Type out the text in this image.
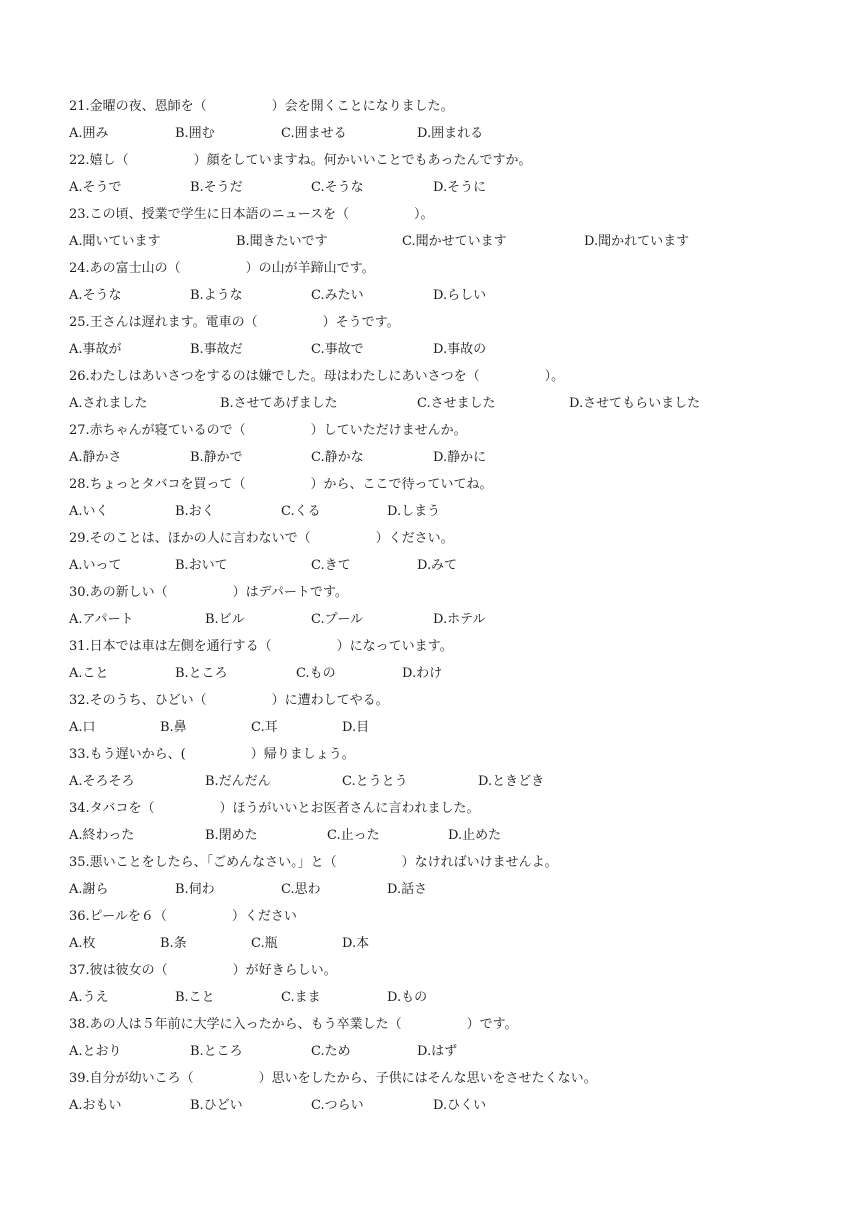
21.金曜の夜、恩師を（　　　　　）会を開くことになりました。
A.囲み	B.囲む	C.囲ませる	D.囲まれる
22.嬉し（　　　　　）顔をしていますね。何かいいことでもあったんですか。
A.そうで	B.そうだ	C.そうな	D.そうに
23.この頃、授業で学生に日本語のニュースを（　　　　　）。
A.聞いています	B.聞きたいです	C.聞かせています	D.聞かれています
24.あの富士山の（　　　　　）の山が羊蹄山です。
A.そうな	B.ような	C.みたい	D.らしい
25.王さんは遅れます。電車の（　　　　　）そうです。
A.事故が	B.事故だ	C.事故で	D.事故の
26.わたしはあいさつをするのは嫌でした。母はわたしにあいさつを（　　　　　）。
A.されました	B.させてあげました	C.させました	D.させてもらいました
27.赤ちゃんが寝ているので（　　　　　）していただけませんか。
A.静かさ	B.静かで	C.静かな	D.静かに
28.ちょっとタバコを買って（　　　　　）から、ここで待っていてね。
A.いく	B.おく	C.くる	D.しまう
29.そのことは、ほかの人に言わないで（　　　　　）ください。
A.いって	B.おいて	C.きて	D.みて
30.あの新しい（　　　　　）はデパートです。
A.アパート	B.ビル	C.プール	D.ホテル
31.日本では車は左側を通行する（　　　　　）になっています。
A.こと	B.ところ	C.もの	D.わけ
32.そのうち、ひどい（　　　　　）に遭わしてやる。
A.口	B.鼻	C.耳	D.目
33.もう遅いから、(　　　　　）帰りましょう。
A.そろそろ	B.だんだん	C.とうとう	D.ときどき
34.タバコを（　　　　　）ほうがいいとお医者さんに言われました。
A.終わった	B.閉めた	C.止った	D.止めた
35.悪いことをしたら、「ごめんなさい。」と（　　　　　）なければいけませんよ。
A.謝ら	B.伺わ	C.思わ	D.話さ
36.ピールを６（　　　　　）ください
A.枚	B.条	C.瓶	D.本
37.彼は彼女の（　　　　　）が好きらしい。
A.うえ	B.こと	C.まま	D.もの
38.あの人は５年前に大学に入ったから、もう卒業した（　　　　　）です。
A.とおり	B.ところ	C.ため	D.はず
39.自分が幼いころ（　　　　　）思いをしたから、子供にはそんな思いをさせたくない。
A.おもい	B.ひどい	C.つらい	D.ひくい
